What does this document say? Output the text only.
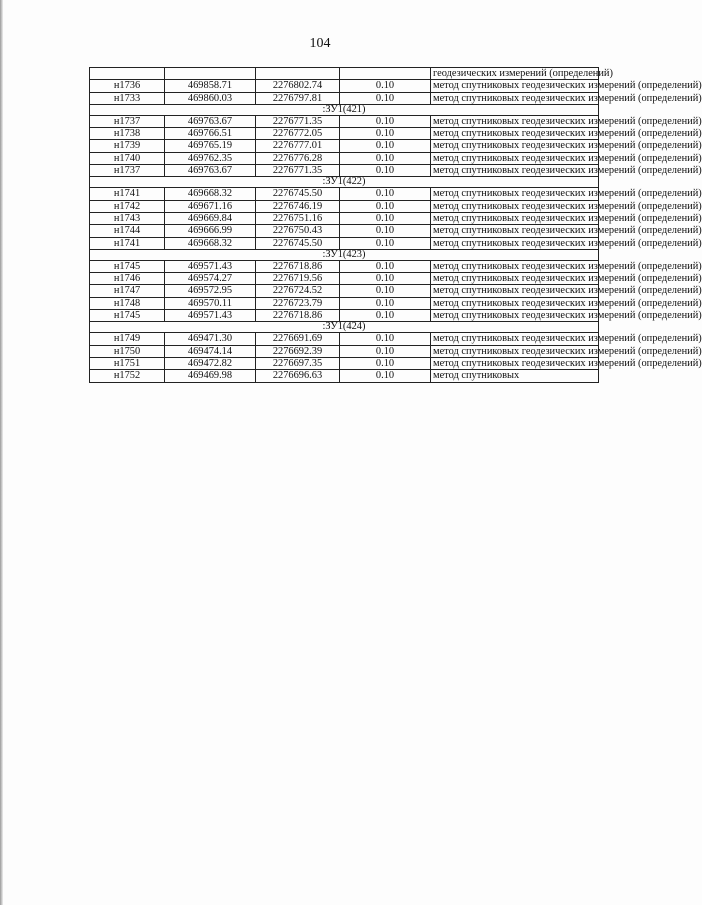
104
				геодезических измерений (определений)
н1736	469858.71	2276802.74	0.10	метод спутниковых геодезических измерений (определений)
н1733	469860.03	2276797.81	0.10	метод спутниковых геодезических измерений (определений)
:ЗУ1(421)				
н1737	469763.67	2276771.35	0.10	метод спутниковых геодезических измерений (определений)
н1738	469766.51	2276772.05	0.10	метод спутниковых геодезических измерений (определений)
н1739	469765.19	2276777.01	0.10	метод спутниковых геодезических измерений (определений)
н1740	469762.35	2276776.28	0.10	метод спутниковых геодезических измерений (определений)
н1737	469763.67	2276771.35	0.10	метод спутниковых геодезических измерений (определений)
:ЗУ1(422)				
н1741	469668.32	2276745.50	0.10	метод спутниковых геодезических измерений (определений)
н1742	469671.16	2276746.19	0.10	метод спутниковых геодезических измерений (определений)
н1743	469669.84	2276751.16	0.10	метод спутниковых геодезических измерений (определений)
н1744	469666.99	2276750.43	0.10	метод спутниковых геодезических измерений (определений)
н1741	469668.32	2276745.50	0.10	метод спутниковых геодезических измерений (определений)
:ЗУ1(423)				
н1745	469571.43	2276718.86	0.10	метод спутниковых геодезических измерений (определений)
н1746	469574.27	2276719.56	0.10	метод спутниковых геодезических измерений (определений)
н1747	469572.95	2276724.52	0.10	метод спутниковых геодезических измерений (определений)
н1748	469570.11	2276723.79	0.10	метод спутниковых геодезических измерений (определений)
н1745	469571.43	2276718.86	0.10	метод спутниковых геодезических измерений (определений)
:ЗУ1(424)				
н1749	469471.30	2276691.69	0.10	метод спутниковых геодезических измерений (определений)
н1750	469474.14	2276692.39	0.10	метод спутниковых геодезических измерений (определений)
н1751	469472.82	2276697.35	0.10	метод спутниковых геодезических измерений (определений)
н1752	469469.98	2276696.63	0.10	метод спутниковых
